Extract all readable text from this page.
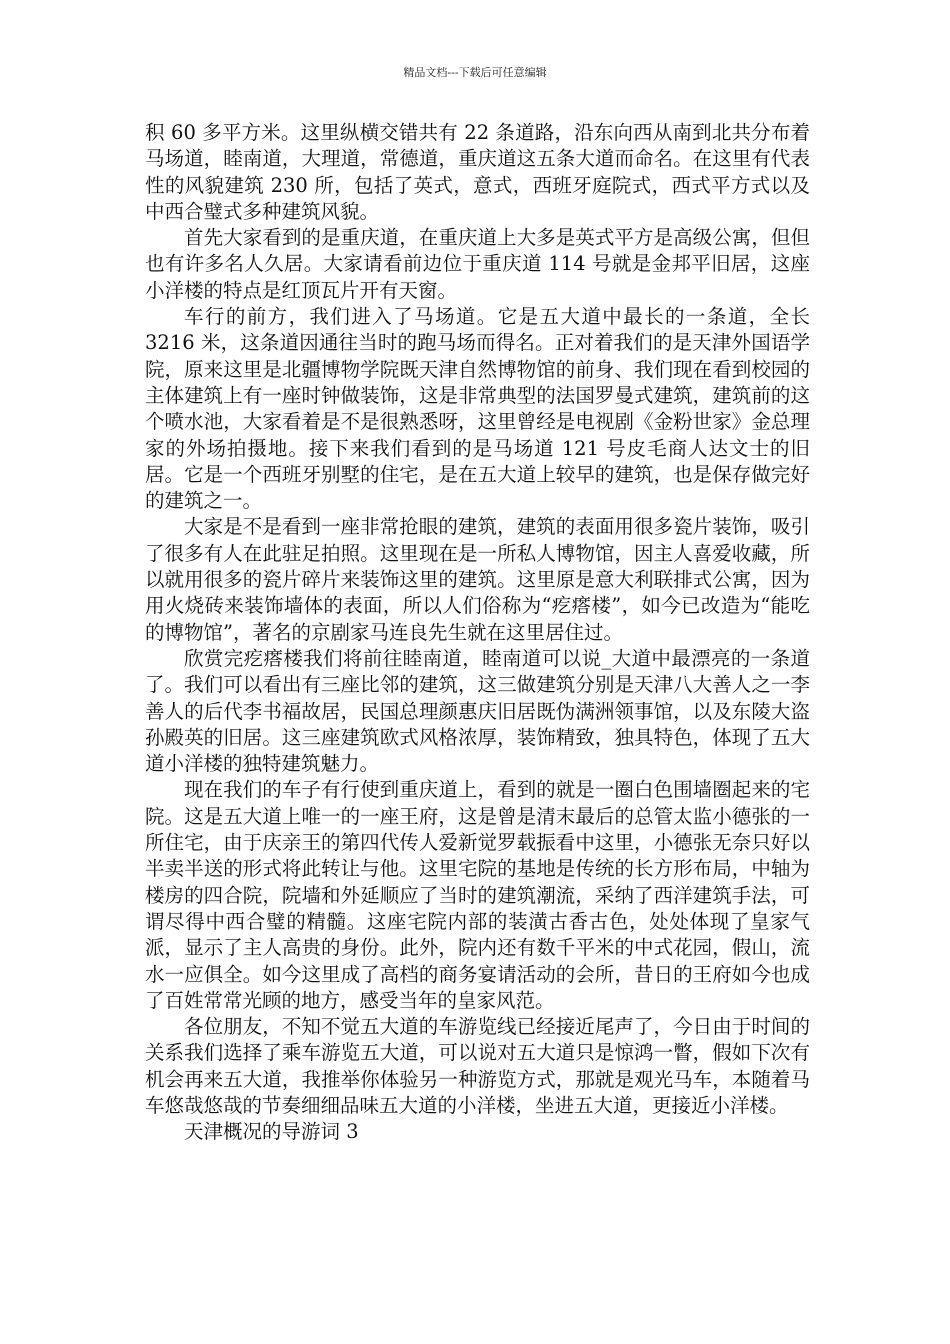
精品文档---下载后可任意编辑

积 60 多平方米。这里纵横交错共有 22 条道路，沿东向西从南到北共分布着马场道，睦南道，大理道，常德道，重庆道这五条大道而命名。在这里有代表性的风貌建筑 230 所，包括了英式，意式，西班牙庭院式，西式平方式以及中西合璧式多种建筑风貌。

首先大家看到的是重庆道，在重庆道上大多是英式平方是高级公寓，但但也有许多名人久居。大家请看前边位于重庆道 114 号就是金邦平旧居，这座小洋楼的特点是红顶瓦片开有天窗。

车行的前方，我们进入了马场道。它是五大道中最长的一条道，全长 3216 米，这条道因通往当时的跑马场而得名。正对着我们的是天津外国语学院，原来这里是北疆博物学院既天津自然博物馆的前身、我们现在看到校园的主体建筑上有一座时钟做装饰，这是非常典型的法国罗曼式建筑，建筑前的这个喷水池，大家看着是不是很熟悉呀，这里曾经是电视剧《金粉世家》金总理家的外场拍摄地。接下来我们看到的是马场道 121 号皮毛商人达文士的旧居。它是一个西班牙别墅的住宅，是在五大道上较早的建筑，也是保存做完好的建筑之一。

大家是不是看到一座非常抢眼的建筑，建筑的表面用很多瓷片装饰，吸引了很多有人在此驻足拍照。这里现在是一所私人博物馆，因主人喜爱收藏，所以就用很多的瓷片碎片来装饰这里的建筑。这里原是意大利联排式公寓，因为用火烧砖来装饰墙体的表面，所以人们俗称为“疙瘩楼”，如今已改造为“能吃的博物馆”，著名的京剧家马连良先生就在这里居住过。

欣赏完疙瘩楼我们将前往睦南道，睦南道可以说_大道中最漂亮的一条道了。我们可以看出有三座比邻的建筑，这三做建筑分别是天津八大善人之一李善人的后代李书福故居，民国总理颜惠庆旧居既伪满洲领事馆，以及东陵大盗孙殿英的旧居。这三座建筑欧式风格浓厚，装饰精致，独具特色，体现了五大道小洋楼的独特建筑魅力。

现在我们的车子有行使到重庆道上，看到的就是一圈白色围墙圈起来的宅院。这是五大道上唯一的一座王府，这是曾是清末最后的总管太监小德张的一所住宅，由于庆亲王的第四代传人爱新觉罗载振看中这里，小德张无奈只好以半卖半送的形式将此转让与他。这里宅院的基地是传统的长方形布局，中轴为楼房的四合院，院墙和外延顺应了当时的建筑潮流，采纳了西洋建筑手法，可谓尽得中西合璧的精髓。这座宅院内部的装潢古香古色，处处体现了皇家气派，显示了主人高贵的身份。此外，院内还有数千平米的中式花园，假山，流水一应俱全。如今这里成了高档的商务宴请活动的会所，昔日的王府如今也成了百姓常常光顾的地方，感受当年的皇家风范。

各位朋友，不知不觉五大道的车游览线已经接近尾声了，今日由于时间的关系我们选择了乘车游览五大道，可以说对五大道只是惊鸿一瞥，假如下次有机会再来五大道，我推举你体验另一种游览方式，那就是观光马车，本随着马车悠哉悠哉的节奏细细品味五大道的小洋楼，坐进五大道，更接近小洋楼。

天津概况的导游词 3
